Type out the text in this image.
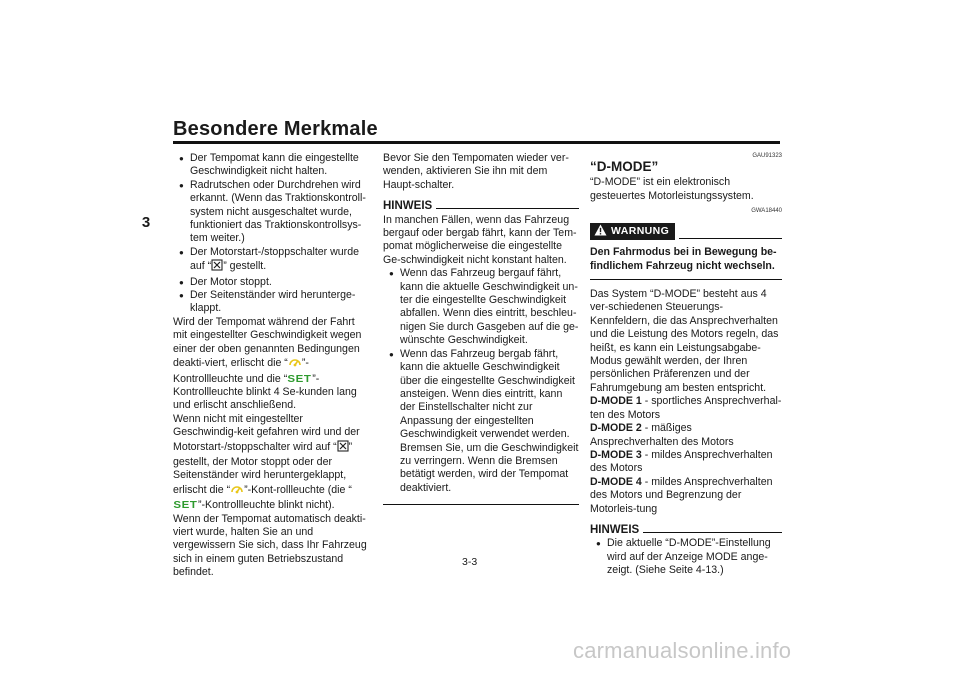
Besondere Merkmale
3
● Der Tempomat kann die eingestellte Geschwindigkeit nicht halten.
● Radrutschen oder Durchdrehen wird erkannt. (Wenn das Traktionskontroll-system nicht ausgeschaltet wurde, funktioniert das Traktionskontrollsys-tem weiter.)
● Der Motorstart-/stoppschalter wurde auf “ ” gestellt.
● Der Motor stoppt.
● Der Seitenständer wird herunterge-klappt.

Wird der Tempomat während der Fahrt mit eingestellter Geschwindigkeit wegen einer der oben genannten Bedingungen deakti-viert, erlischt die “ ”-Kontrollleuchte und die “SET”-Kontrollleuchte blinkt 4 Se-kunden lang und erlischt anschließend.

Wenn nicht mit eingestellter Geschwindig-keit gefahren wird und der Motorstart-/stoppschalter wird auf “ ” gestellt, der Motor stoppt oder der Seitenständer wird heruntergeklappt, erlischt die “ ”-Kont-rollleuchte (die “SET”-Kontrollleuchte blinkt nicht).

Wenn der Tempomat automatisch deakti-viert wurde, halten Sie an und vergewissern Sie sich, dass Ihr Fahrzeug sich in einem guten Betriebszustand befindet.

Bevor Sie den Tempomaten wieder ver-wenden, aktivieren Sie ihn mit dem Haupt-schalter.

HINWEIS

In manchen Fällen, wenn das Fahrzeug bergauf oder bergab fährt, kann der Tem-pomat möglicherweise die eingestellte Ge-schwindigkeit nicht konstant halten.

● Wenn das Fahrzeug bergauf fährt, kann die aktuelle Geschwindigkeit un-ter die eingestellte Geschwindigkeit abfallen. Wenn dies eintritt, beschleu-nigen Sie durch Gasgeben auf die ge-wünschte Geschwindigkeit.
● Wenn das Fahrzeug bergab fährt, kann die aktuelle Geschwindigkeit über die eingestellte Geschwindigkeit ansteigen. Wenn dies eintritt, kann der Einstellschalter nicht zur Anpassung der eingestellten Geschwindigkeit verwendet werden. Bremsen Sie, um die Geschwindigkeit zu verringern. Wenn die Bremsen betätigt werden, wird der Tempomat deaktiviert.
GAU91323
“D-MODE”

“D-MODE” ist ein elektronisch gesteuertes Motorleistungssystem.

GWA18440
WARNUNG

Den Fahrmodus bei in Bewegung be-findlichem Fahrzeug nicht wechseln.

Das System “D-MODE” besteht aus 4 ver-schiedenen Steuerungs-Kennfeldern, die das Ansprechverhalten und die Leistung des Motors regeln, das heißt, es kann ein Leistungsabgabe-Modus gewählt werden, der Ihren persönlichen Präferenzen und der Fahrumgebung am besten entspricht.

D-MODE 1 - sportliches Ansprechverhal-ten des Motors

D-MODE 2 - mäßiges Ansprechverhalten des Motors

D-MODE 3 - mildes Ansprechverhalten des Motors

D-MODE 4 - mildes Ansprechverhalten des Motors und Begrenzung der Motorleis-tung

HINWEIS
● Die aktuelle “D-MODE”-Einstellung wird auf der Anzeige MODE ange-zeigt. (Siehe Seite 4-13.)
3-3
carmanualsonline.info
